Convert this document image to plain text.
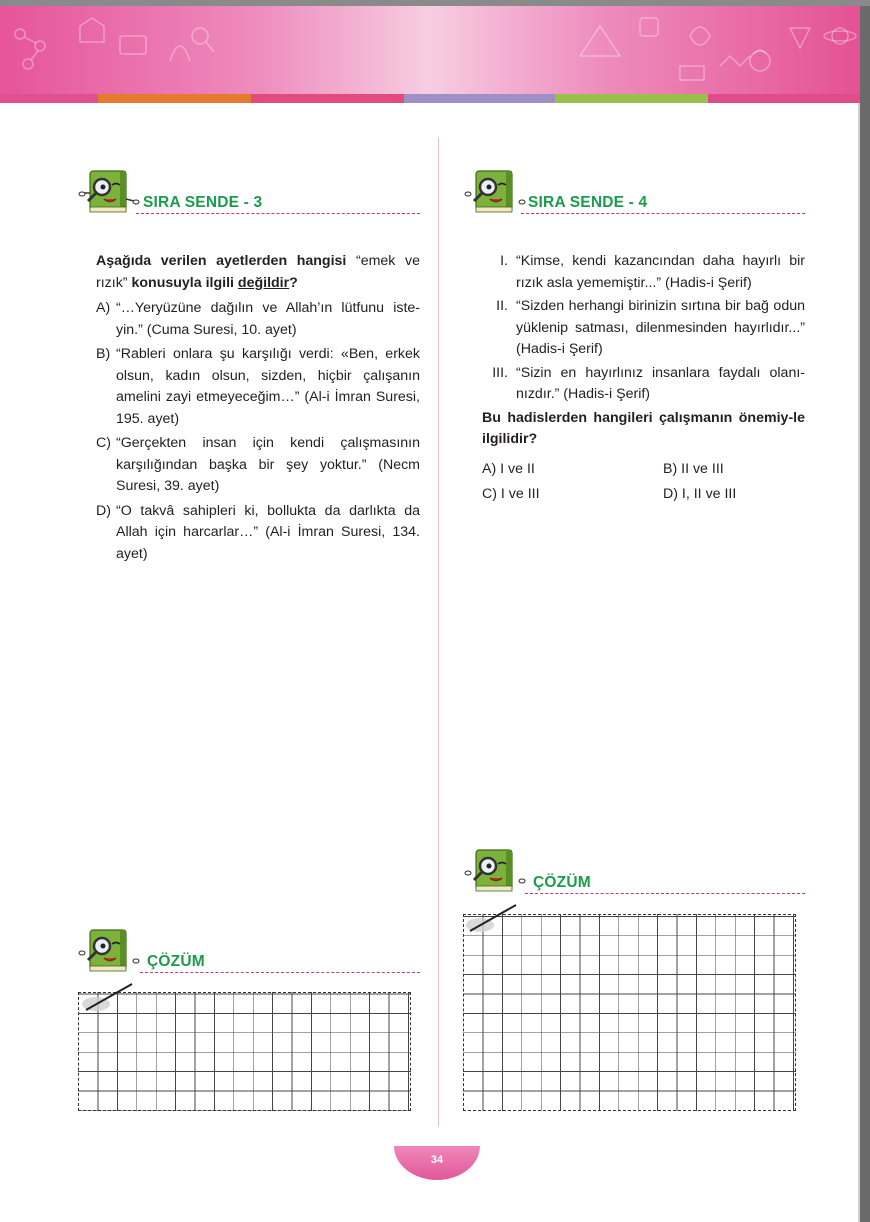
SIRA SENDE - 3

Aşağıda verilen ayetlerden hangisi “emek ve rızık” konusuyla ilgili değildir?

A) “…Yeryüzüne dağılın ve Allah’ın lütfunu iste-yin.” (Cuma Suresi, 10. ayet)
B) “Rableri onlara şu karşılığı verdi: «Ben, erkek olsun, kadın olsun, sizden, hiçbir çalışanın amelini zayi etmeyeceğim…” (Al-i İmran Suresi, 195. ayet)
C) “Gerçekten insan için kendi çalışmasının karşılığından başka bir şey yoktur.” (Necm Suresi, 39. ayet)
D) “O takvâ sahipleri ki, bollukta da darlıkta da Allah için harcarlar…” (Al-i İmran Suresi, 134. ayet)
ÇÖZÜM
SIRA SENDE - 4
I. “Kimse, kendi kazancından daha hayırlı bir rızık asla yememiştir...” (Hadis-i Şerif)
II. “Sizden herhangi birinizin sırtına bir bağ odun yüklenip satması, dilenmesinden hayırlıdır...” (Hadis-i Şerif)
III. “Sizin en hayırlınız insanlara faydalı olanı-nızdır.” (Hadis-i Şerif)

Bu hadislerden hangileri çalışmanın önemiy-le ilgilidir?

A) I ve II	B) II ve III
C) I ve III	D) I, II ve III
ÇÖZÜM
34
